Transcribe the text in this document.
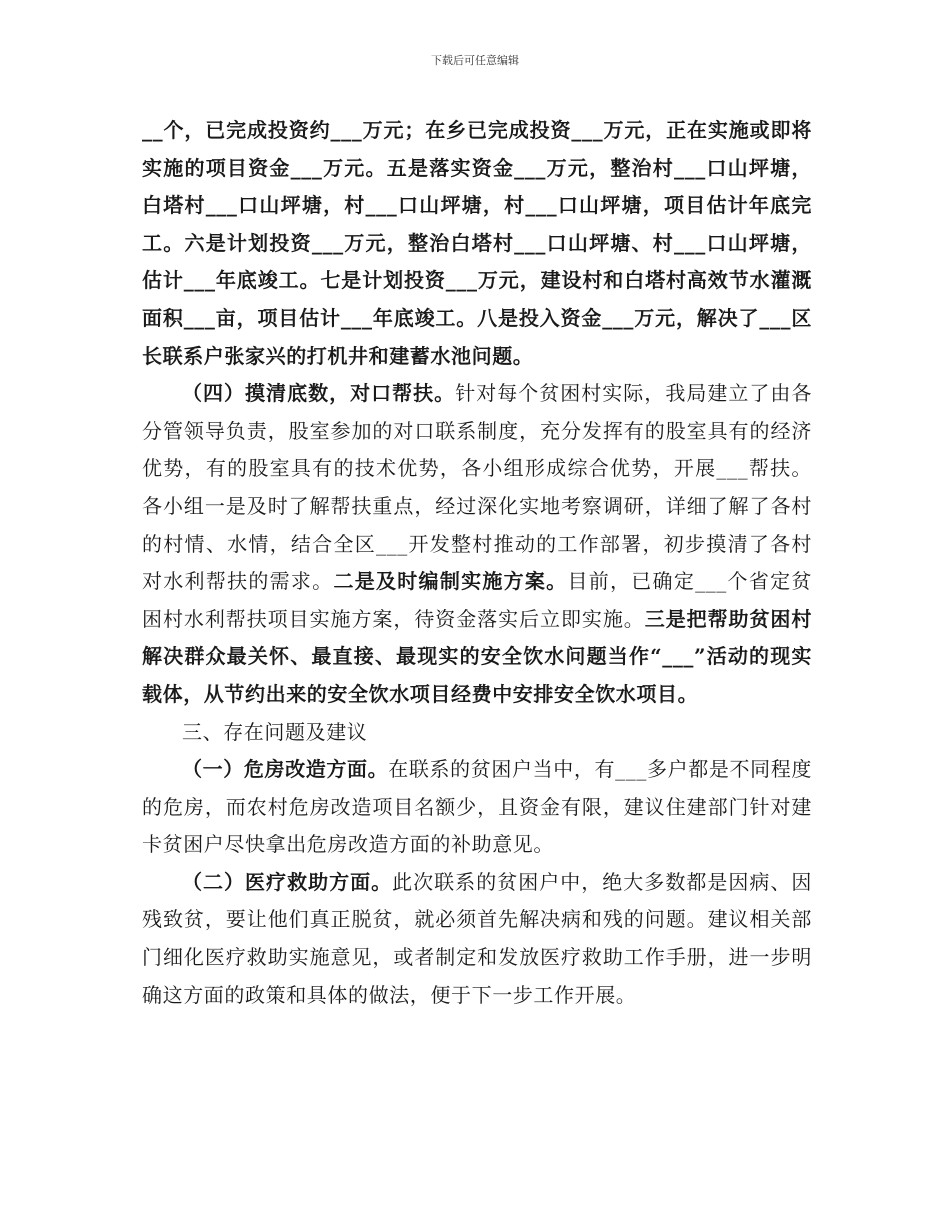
下载后可任意编辑

__个，已完成投资约___万元；在乡已完成投资___万元，正在实施或即将实施的项目资金___万元。五是落实资金___万元，整治村___口山坪塘，白塔村___口山坪塘，村___口山坪塘，村___口山坪塘，项目估计年底完工。六是计划投资___万元，整治白塔村___口山坪塘、村___口山坪塘，估计___年底竣工。七是计划投资___万元，建设村和白塔村高效节水灌溉面积___亩，项目估计___年底竣工。八是投入资金___万元，解决了___区长联系户张家兴的打机井和建蓄水池问题。

（四）摸清底数，对口帮扶。针对每个贫困村实际，我局建立了由各分管领导负责，股室参加的对口联系制度，充分发挥有的股室具有的经济优势，有的股室具有的技术优势，各小组形成综合优势，开展___帮扶。各小组一是及时了解帮扶重点，经过深化实地考察调研，详细了解了各村的村情、水情，结合全区___开发整村推动的工作部署，初步摸清了各村对水利帮扶的需求。二是及时编制实施方案。目前，已确定___个省定贫困村水利帮扶项目实施方案，待资金落实后立即实施。三是把帮助贫困村解决群众最关怀、最直接、最现实的安全饮水问题当作“___”活动的现实载体，从节约出来的安全饮水项目经费中安排安全饮水项目。

三、存在问题及建议

（一）危房改造方面。在联系的贫困户当中，有___多户都是不同程度的危房，而农村危房改造项目名额少，且资金有限，建议住建部门针对建卡贫困户尽快拿出危房改造方面的补助意见。

（二）医疗救助方面。此次联系的贫困户中，绝大多数都是因病、因残致贫，要让他们真正脱贫，就必须首先解决病和残的问题。建议相关部门细化医疗救助实施意见，或者制定和发放医疗救助工作手册，进一步明确这方面的政策和具体的做法，便于下一步工作开展。
